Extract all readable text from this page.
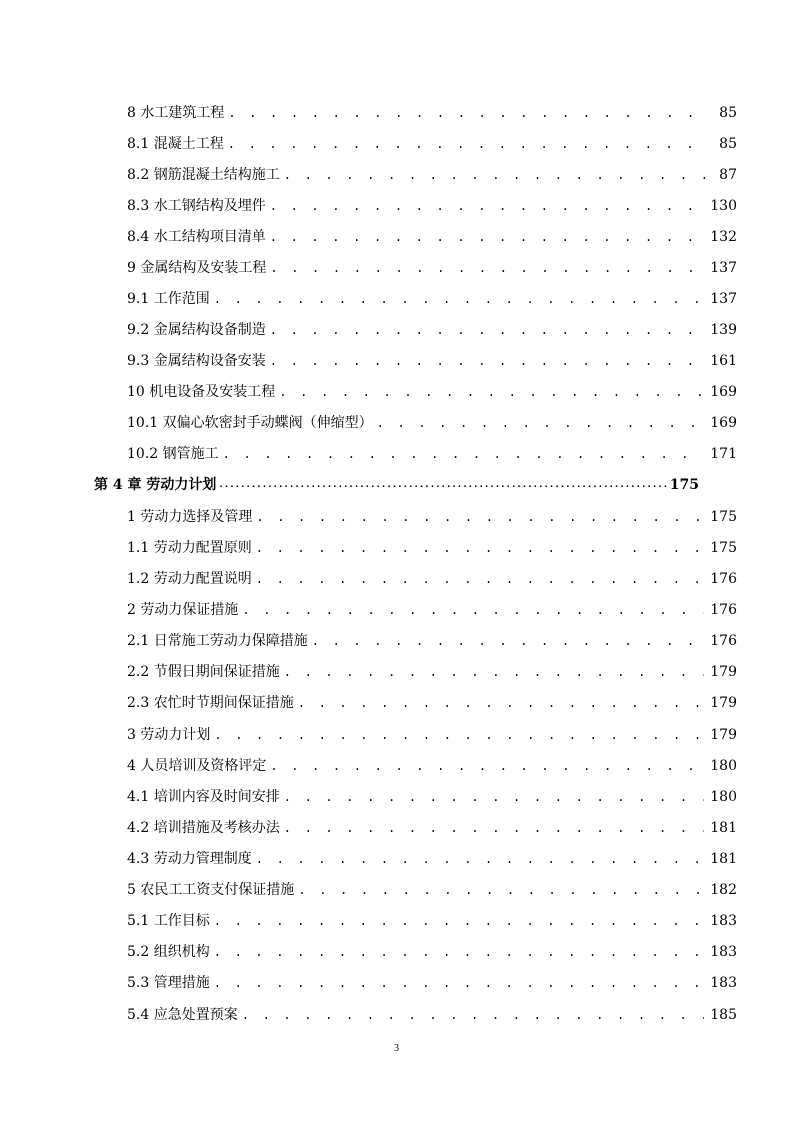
8 水工建筑工程 . . .	85
8.1 混凝土工程 . . .	85
8.2 钢筋混凝土结构施工 . . .	87
8.3 水工钢结构及埋件 . . .	130
8.4 水工结构项目清单 . . .	132
9 金属结构及安装工程 . . .	137
9.1 工作范围 . . .	137
9.2 金属结构设备制造 . . .	139
9.3 金属结构设备安装 . . .	161
10 机电设备及安装工程 . . .	169
10.1 双偏心软密封手动蝶阀（伸缩型） . . .	169
10.2 钢管施工 . . .	171
第 4 章 劳动力计划 .....	175
1 劳动力选择及管理 . . .	175
1.1 劳动力配置原则 . . .	175
1.2 劳动力配置说明 . . .	176
2 劳动力保证措施 . . .	176
2.1 日常施工劳动力保障措施 . . .	176
2.2 节假日期间保证措施 . . .	179
2.3 农忙时节期间保证措施 . . .	179
3 劳动力计划 . . .	179
4 人员培训及资格评定 . . .	180
4.1 培训内容及时间安排 . . .	180
4.2 培训措施及考核办法 . . .	181
4.3 劳动力管理制度 . . .	181
5 农民工工资支付保证措施 . . .	182
5.1 工作目标 . . .	183
5.2 组织机构 . . .	183
5.3 管理措施 . . .	183
5.4 应急处置预案 . . .	185
3
